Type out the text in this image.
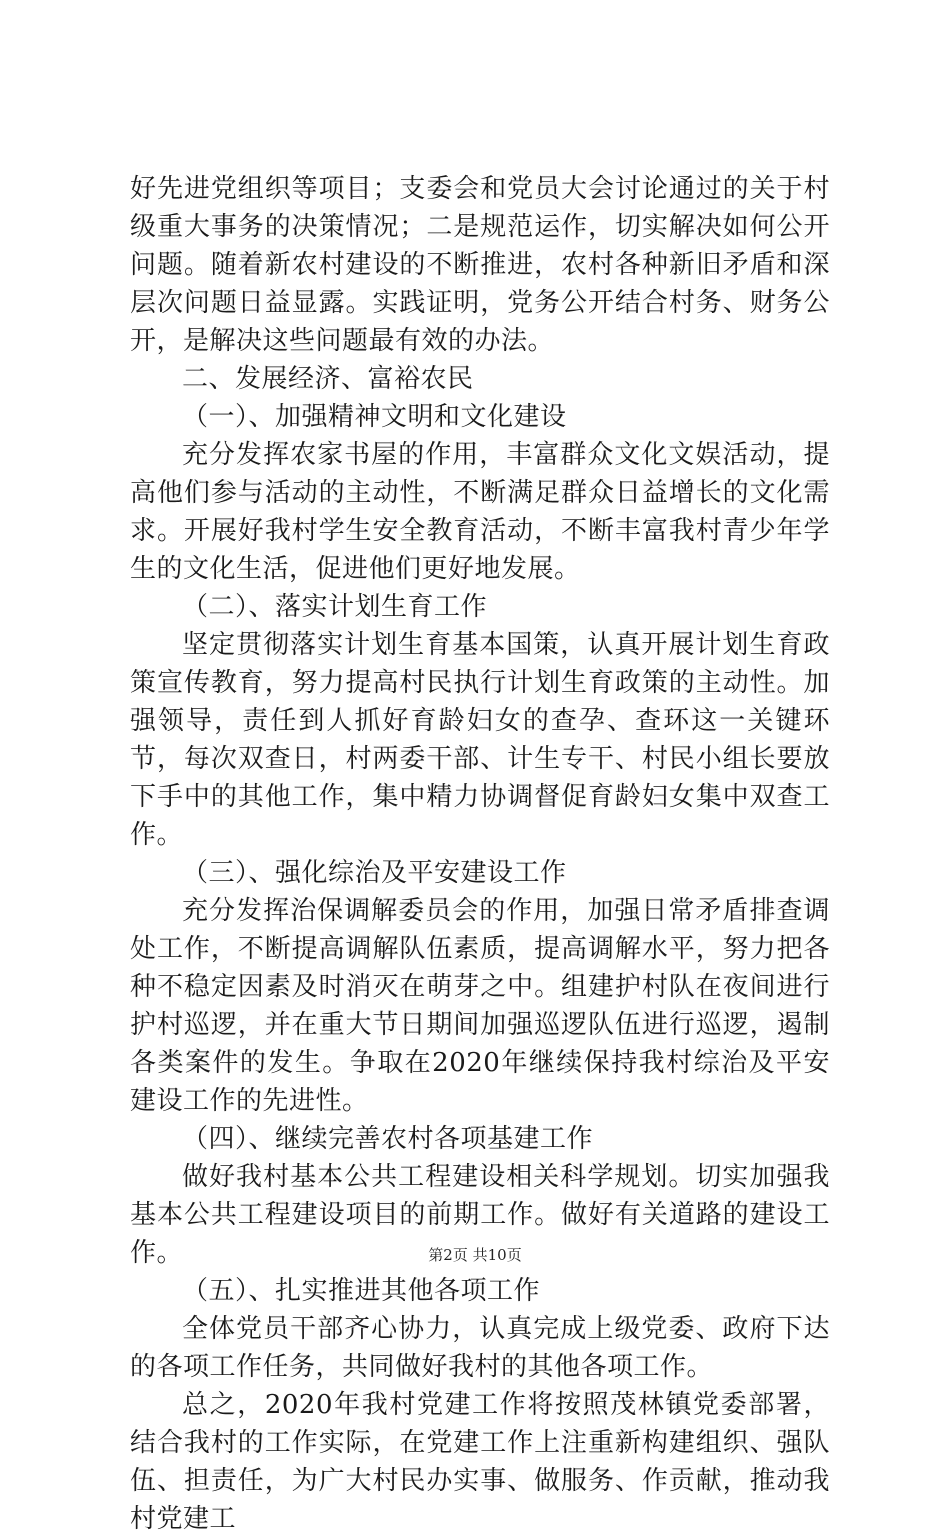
好先进党组织等项目；支委会和党员大会讨论通过的关于村级重大事务的决策情况；二是规范运作，切实解决如何公开问题。随着新农村建设的不断推进，农村各种新旧矛盾和深层次问题日益显露。实践证明，党务公开结合村务、财务公开，是解决这些问题最有效的办法。

二、发展经济、富裕农民

（一）、加强精神文明和文化建设

充分发挥农家书屋的作用，丰富群众文化文娱活动，提高他们参与活动的主动性，不断满足群众日益增长的文化需求。开展好我村学生安全教育活动，不断丰富我村青少年学生的文化生活，促进他们更好地发展。

（二）、落实计划生育工作

坚定贯彻落实计划生育基本国策，认真开展计划生育政策宣传教育，努力提高村民执行计划生育政策的主动性。加强领导，责任到人抓好育龄妇女的查孕、查环这一关键环节，每次双查日，村两委干部、计生专干、村民小组长要放下手中的其他工作，集中精力协调督促育龄妇女集中双查工作。

（三）、强化综治及平安建设工作

充分发挥治保调解委员会的作用，加强日常矛盾排查调处工作，不断提高调解队伍素质，提高调解水平，努力把各种不稳定因素及时消灭在萌芽之中。组建护村队在夜间进行护村巡逻，并在重大节日期间加强巡逻队伍进行巡逻，遏制各类案件的发生。争取在2020年继续保持我村综治及平安建设工作的先进性。

（四）、继续完善农村各项基建工作

做好我村基本公共工程建设相关科学规划。切实加强我基本公共工程建设项目的前期工作。做好有关道路的建设工作。

（五）、扎实推进其他各项工作

全体党员干部齐心协力，认真完成上级党委、政府下达的各项工作任务，共同做好我村的其他各项工作。

总之，2020年我村党建工作将按照茂林镇党委部署，结合我村的工作实际，在党建工作上注重新构建组织、强队伍、担责任，为广大村民办实事、做服务、作贡献，推动我村党建工

第2页 共10页
